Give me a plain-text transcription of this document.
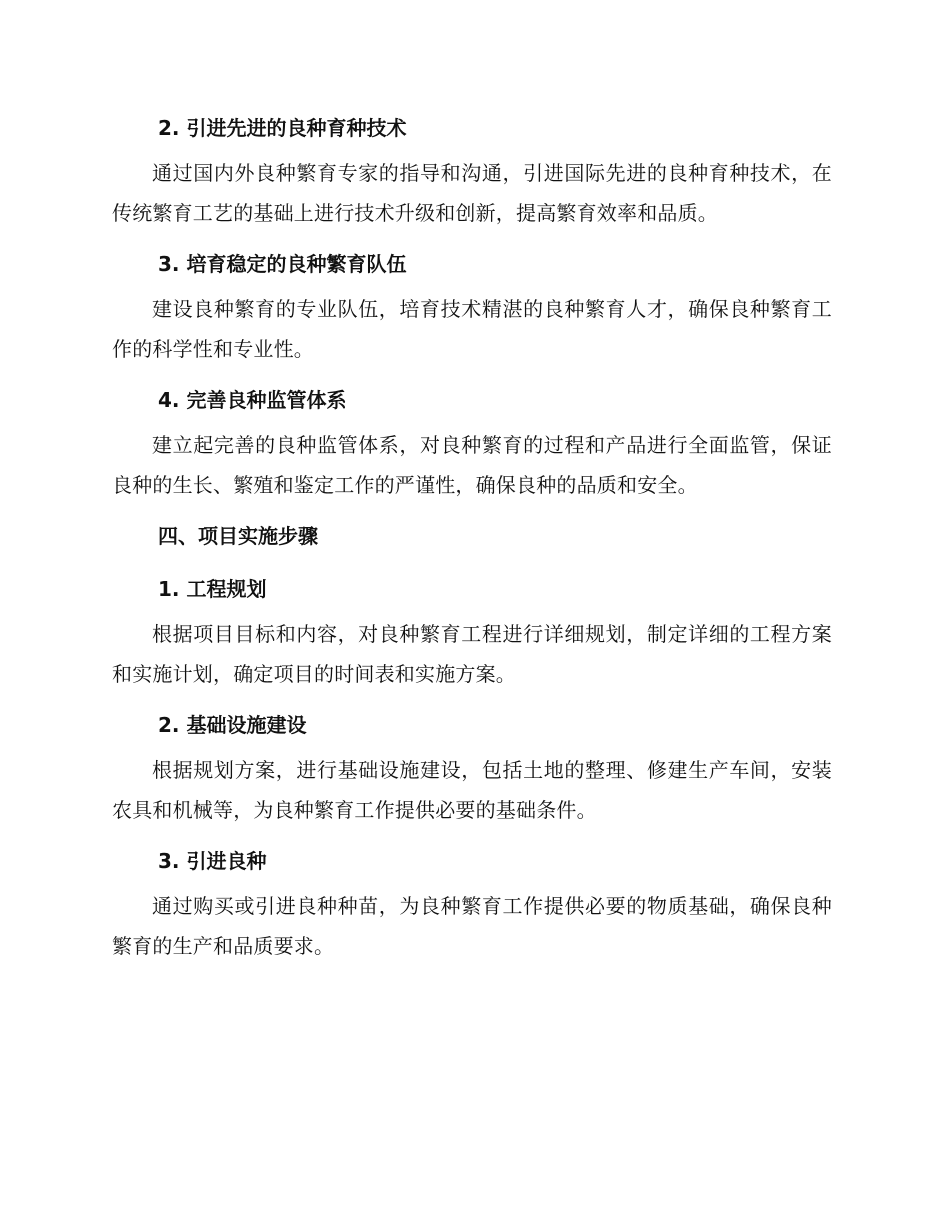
2. 引进先进的良种育种技术

通过国内外良种繁育专家的指导和沟通，引进国际先进的良种育种技术，在传统繁育工艺的基础上进行技术升级和创新，提高繁育效率和品质。

3. 培育稳定的良种繁育队伍

建设良种繁育的专业队伍，培育技术精湛的良种繁育人才，确保良种繁育工作的科学性和专业性。

4. 完善良种监管体系

建立起完善的良种监管体系，对良种繁育的过程和产品进行全面监管，保证良种的生长、繁殖和鉴定工作的严谨性，确保良种的品质和安全。

四、项目实施步骤
1. 工程规划

根据项目目标和内容，对良种繁育工程进行详细规划，制定详细的工程方案和实施计划，确定项目的时间表和实施方案。

2. 基础设施建设

根据规划方案，进行基础设施建设，包括土地的整理、修建生产车间，安装农具和机械等，为良种繁育工作提供必要的基础条件。

3. 引进良种

通过购买或引进良种种苗，为良种繁育工作提供必要的物质基础，确保良种繁育的生产和品质要求。
